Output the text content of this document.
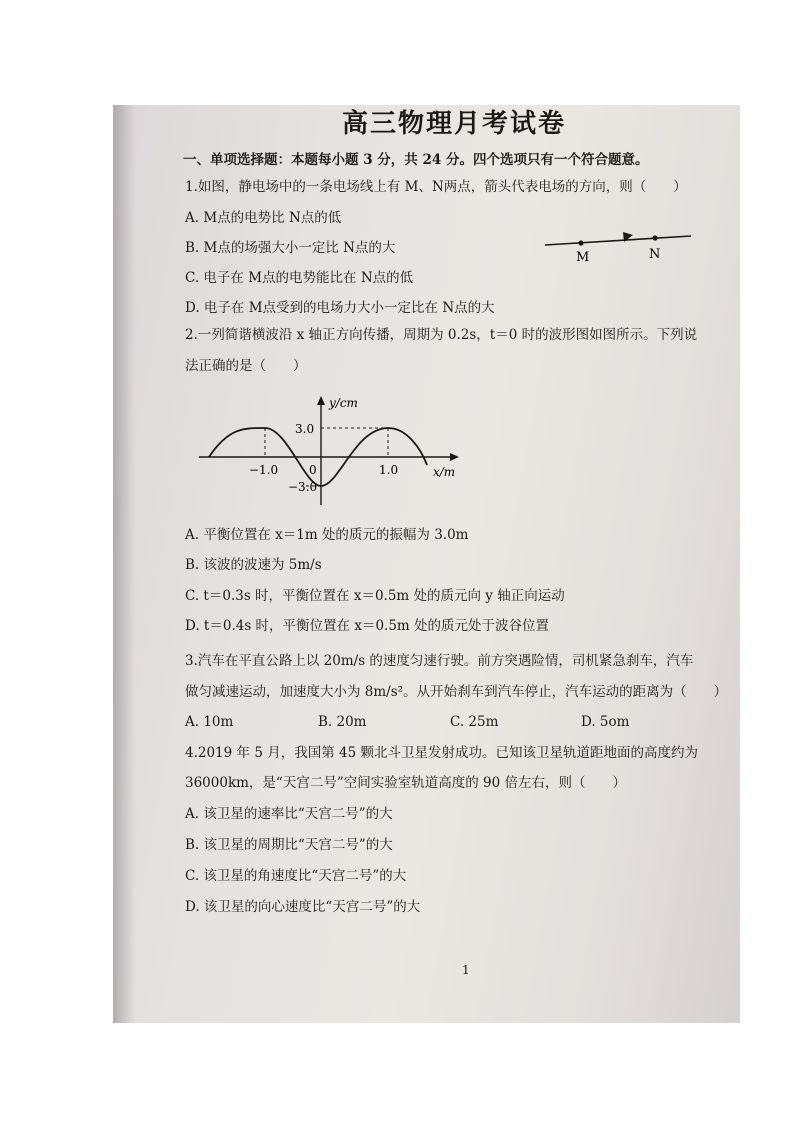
高三物理月考试卷
一、单项选择题：本题每小题 3 分，共 24 分。四个选项只有一个符合题意。
1.如图，静电场中的一条电场线上有 M、N两点，箭头代表电场的方向，则（　　）
A. M点的电势比 N点的低
B. M点的场强大小一定比 N点的大
C. 电子在 M点的电势能比在 N点的低
D. 电子在 M点受到的电场力大小一定比在 N点的大
M	N
2.一列简谐横波沿 x 轴正方向传播，周期为 0.2s，t＝0 时的波形图如图所示。下列说
法正确的是（　　）
y/cm
3.0
−3.0
−1.0	0	1.0	x/m
A. 平衡位置在 x＝1m 处的质元的振幅为 3.0m
B. 该波的波速为 5m/s
C. t＝0.3s 时，平衡位置在 x＝0.5m 处的质元向 y 轴正向运动
D. t＝0.4s 时，平衡位置在 x＝0.5m 处的质元处于波谷位置
3.汽车在平直公路上以 20m/s 的速度匀速行驶。前方突遇险情，司机紧急刹车，汽车
做匀减速运动，加速度大小为 8m/s²。从开始刹车到汽车停止，汽车运动的距离为（　　）
A. 10m	B. 20m	C. 25m	D. 5om
4.2019 年 5 月，我国第 45 颗北斗卫星发射成功。已知该卫星轨道距地面的高度约为
36000km，是“天宫二号”空间实验室轨道高度的 90 倍左右，则（　　）
A. 该卫星的速率比“天宫二号”的大
B. 该卫星的周期比“天宫二号”的大
C. 该卫星的角速度比“天宫二号”的大
D. 该卫星的向心速度比“天宫二号”的大
1
